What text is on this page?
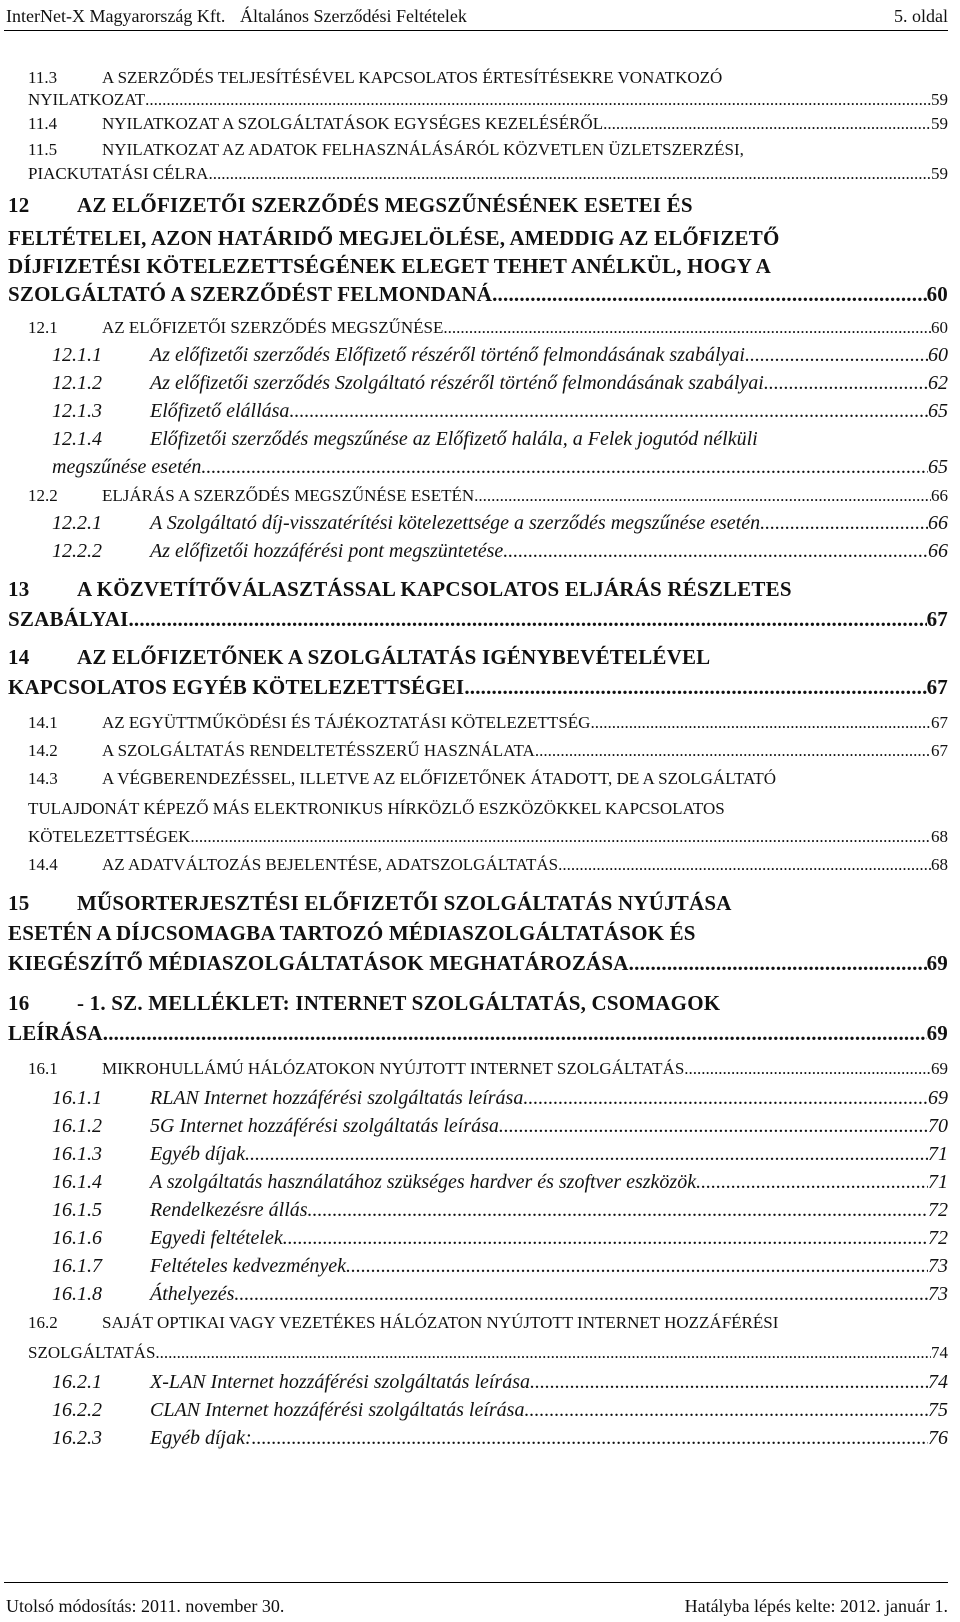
InterNet-X Magyarország Kft. Általános Szerződési Feltételek	5. oldal
11.3	A SZERZŐDÉS TELJESÍTÉSÉVEL KAPCSOLATOS ÉRTESÍTÉSEKRE VONATKOZÓ
NYILATKOZAT .....	59
11.4	NYILATKOZAT A SZOLGÁLTATÁSOK EGYSÉGES KEZELÉSÉRŐL .....	59
11.5	NYILATKOZAT AZ ADATOK FELHASZNÁLÁSÁRÓL KÖZVETLEN ÜZLETSZERZÉSI,
PIACKUTATÁSI CÉLRA .....	59
12	AZ ELŐFIZETŐI SZERZŐDÉS MEGSZŰNÉSÉNEK ESETEI ÉS
FELTÉTELEI, AZON HATÁRIDŐ MEGJELÖLÉSE, AMEDDIG AZ ELŐFIZETŐ
DÍJFIZETÉSI KÖTELEZETTSÉGÉNEK ELEGET TEHET ANÉLKÜL, HOGY A
SZOLGÁLTATÓ A SZERZŐDÉST FELMONDANÁ .....	60
12.1	AZ ELŐFIZETŐI SZERZŐDÉS MEGSZŰNÉSE .....	60
12.1.1	Az előfizetői szerződés Előfizető részéről történő felmondásának szabályai .....	60
12.1.2	Az előfizetői szerződés Szolgáltató részéről történő felmondásának szabályai .....	62
12.1.3	Előfizető elállása .....	65
12.1.4	Előfizetői szerződés megszűnése az Előfizető halála, a Felek jogutód nélküli
megszűnése esetén .....	65
12.2	ELJÁRÁS A SZERZŐDÉS MEGSZŰNÉSE ESETÉN .....	66
12.2.1	A Szolgáltató díj-visszatérítési kötelezettsége a szerződés megszűnése esetén .....	66
12.2.2	Az előfizetői hozzáférési pont megszüntetése .....	66
13	A KÖZVETÍTŐVÁLASZTÁSSAL KAPCSOLATOS ELJÁRÁS RÉSZLETES
SZABÁLYAI .....	67
14	AZ ELŐFIZETŐNEK A SZOLGÁLTATÁS IGÉNYBEVÉTELÉVEL
KAPCSOLATOS EGYÉB KÖTELEZETTSÉGEI .....	67
14.1	AZ EGYÜTTMŰKÖDÉSI ÉS TÁJÉKOZTATÁSI KÖTELEZETTSÉG .....	67
14.2	A SZOLGÁLTATÁS RENDELTETÉSSZERŰ HASZNÁLATA .....	67
14.3	A VÉGBERENDEZÉSSEL, ILLETVE AZ ELŐFIZETŐNEK ÁTADOTT, DE A SZOLGÁLTATÓ
TULAJDONÁT KÉPEZŐ MÁS ELEKTRONIKUS HÍRKÖZLŐ ESZKÖZÖKKEL KAPCSOLATOS
KÖTELEZETTSÉGEK .....	68
14.4	AZ ADATVÁLTOZÁS BEJELENTÉSE, ADATSZOLGÁLTATÁS .....	68
15	MŰSORTERJESZTÉSI ELŐFIZETŐI SZOLGÁLTATÁS NYÚJTÁSA
ESETÉN A DÍJCSOMAGBA TARTOZÓ MÉDIASZOLGÁLTATÁSOK ÉS
KIEGÉSZÍTŐ MÉDIASZOLGÁLTATÁSOK MEGHATÁROZÁSA .....	69
16	- 1. SZ. MELLÉKLET: INTERNET SZOLGÁLTATÁS, CSOMAGOK
LEÍRÁSA .....	69
16.1	MIKROHULLÁMÚ HÁLÓZATOKON NYÚJTOTT INTERNET SZOLGÁLTATÁS .....	69
16.1.1	RLAN Internet hozzáférési szolgáltatás leírása .....	69
16.1.2	5G Internet hozzáférési szolgáltatás leírása .....	70
16.1.3	Egyéb díjak .....	71
16.1.4	A szolgáltatás használatához szükséges hardver és szoftver eszközök .....	71
16.1.5	Rendelkezésre állás .....	72
16.1.6	Egyedi feltételek .....	72
16.1.7	Feltételes kedvezmények .....	73
16.1.8	Áthelyezés .....	73
16.2	SAJÁT OPTIKAI VAGY VEZETÉKES HÁLÓZATON NYÚJTOTT INTERNET HOZZÁFÉRÉSI
SZOLGÁLTATÁS .....	74
16.2.1	X-LAN Internet hozzáférési szolgáltatás leírása .....	74
16.2.2	CLAN Internet hozzáférési szolgáltatás leírása .....	75
16.2.3	Egyéb díjak: .....	76
Utolsó módosítás: 2011. november 30.	Hatályba lépés kelte: 2012. január 1.
